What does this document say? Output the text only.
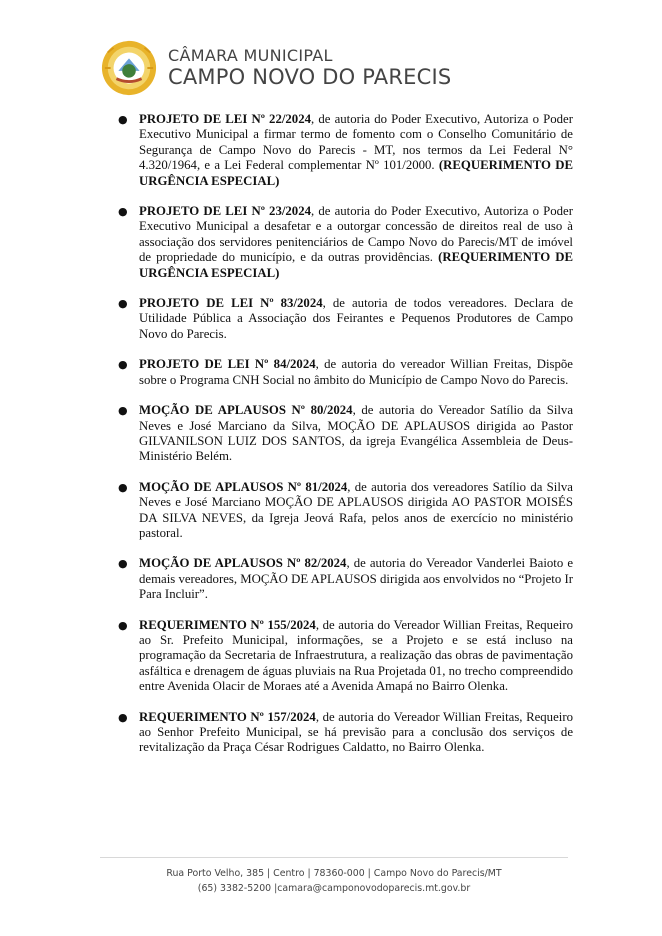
CÂMARA MUNICIPAL
CAMPO NOVO DO PARECIS
● PROJETO DE LEI Nº 22/2024, de autoria do Poder Executivo, Autoriza o Poder Executivo Municipal a firmar termo de fomento com o Conselho Comunitário de Segurança de Campo Novo do Parecis - MT, nos termos da Lei Federal N° 4.320/1964, e a Lei Federal complementar Nº 101/2000. (REQUERIMENTO DE URGÊNCIA ESPECIAL)
● PROJETO DE LEI Nº 23/2024, de autoria do Poder Executivo, Autoriza o Poder Executivo Municipal a desafetar e a outorgar concessão de direitos real de uso à associação dos servidores penitenciários de Campo Novo do Parecis/MT de imóvel de propriedade do município, e da outras providências. (REQUERIMENTO DE URGÊNCIA ESPECIAL)
● PROJETO DE LEI Nº 83/2024, de autoria de todos vereadores. Declara de Utilidade Pública a Associação dos Feirantes e Pequenos Produtores de Campo Novo do Parecis.
● PROJETO DE LEI Nº 84/2024, de autoria do vereador Willian Freitas, Dispõe sobre o Programa CNH Social no âmbito do Município de Campo Novo do Parecis.
● MOÇÃO DE APLAUSOS Nº 80/2024, de autoria do Vereador Satílio da Silva Neves e José Marciano da Silva, MOÇÃO DE APLAUSOS dirigida ao Pastor GILVANILSON LUIZ DOS SANTOS, da igreja Evangélica Assembleia de Deus- Ministério Belém.
● MOÇÃO DE APLAUSOS Nº 81/2024, de autoria dos vereadores Satílio da Silva Neves e José Marciano MOÇÃO DE APLAUSOS dirigida AO PASTOR MOISÉS DA SILVA NEVES, da Igreja Jeová Rafa, pelos anos de exercício no ministério pastoral.
● MOÇÃO DE APLAUSOS Nº 82/2024, de autoria do Vereador Vanderlei Baioto e demais vereadores, MOÇÃO DE APLAUSOS dirigida aos envolvidos no “Projeto Ir Para Incluir”.
● REQUERIMENTO Nº 155/2024, de autoria do Vereador Willian Freitas, Requeiro ao Sr. Prefeito Municipal, informações, se a Projeto e se está incluso na programação da Secretaria de Infraestrutura, a realização das obras de pavimentação asfáltica e drenagem de águas pluviais na Rua Projetada 01, no trecho compreendido entre Avenida Olacir de Moraes até a Avenida Amapá no Bairro Olenka.
● REQUERIMENTO Nº 157/2024, de autoria do Vereador Willian Freitas, Requeiro ao Senhor Prefeito Municipal, se há previsão para a conclusão dos serviços de revitalização da Praça César Rodrigues Caldatto, no Bairro Olenka.
Rua Porto Velho, 385 | Centro | 78360-000 | Campo Novo do Parecis/MT
(65) 3382-5200 |camara@camponovodoparecis.mt.gov.br
